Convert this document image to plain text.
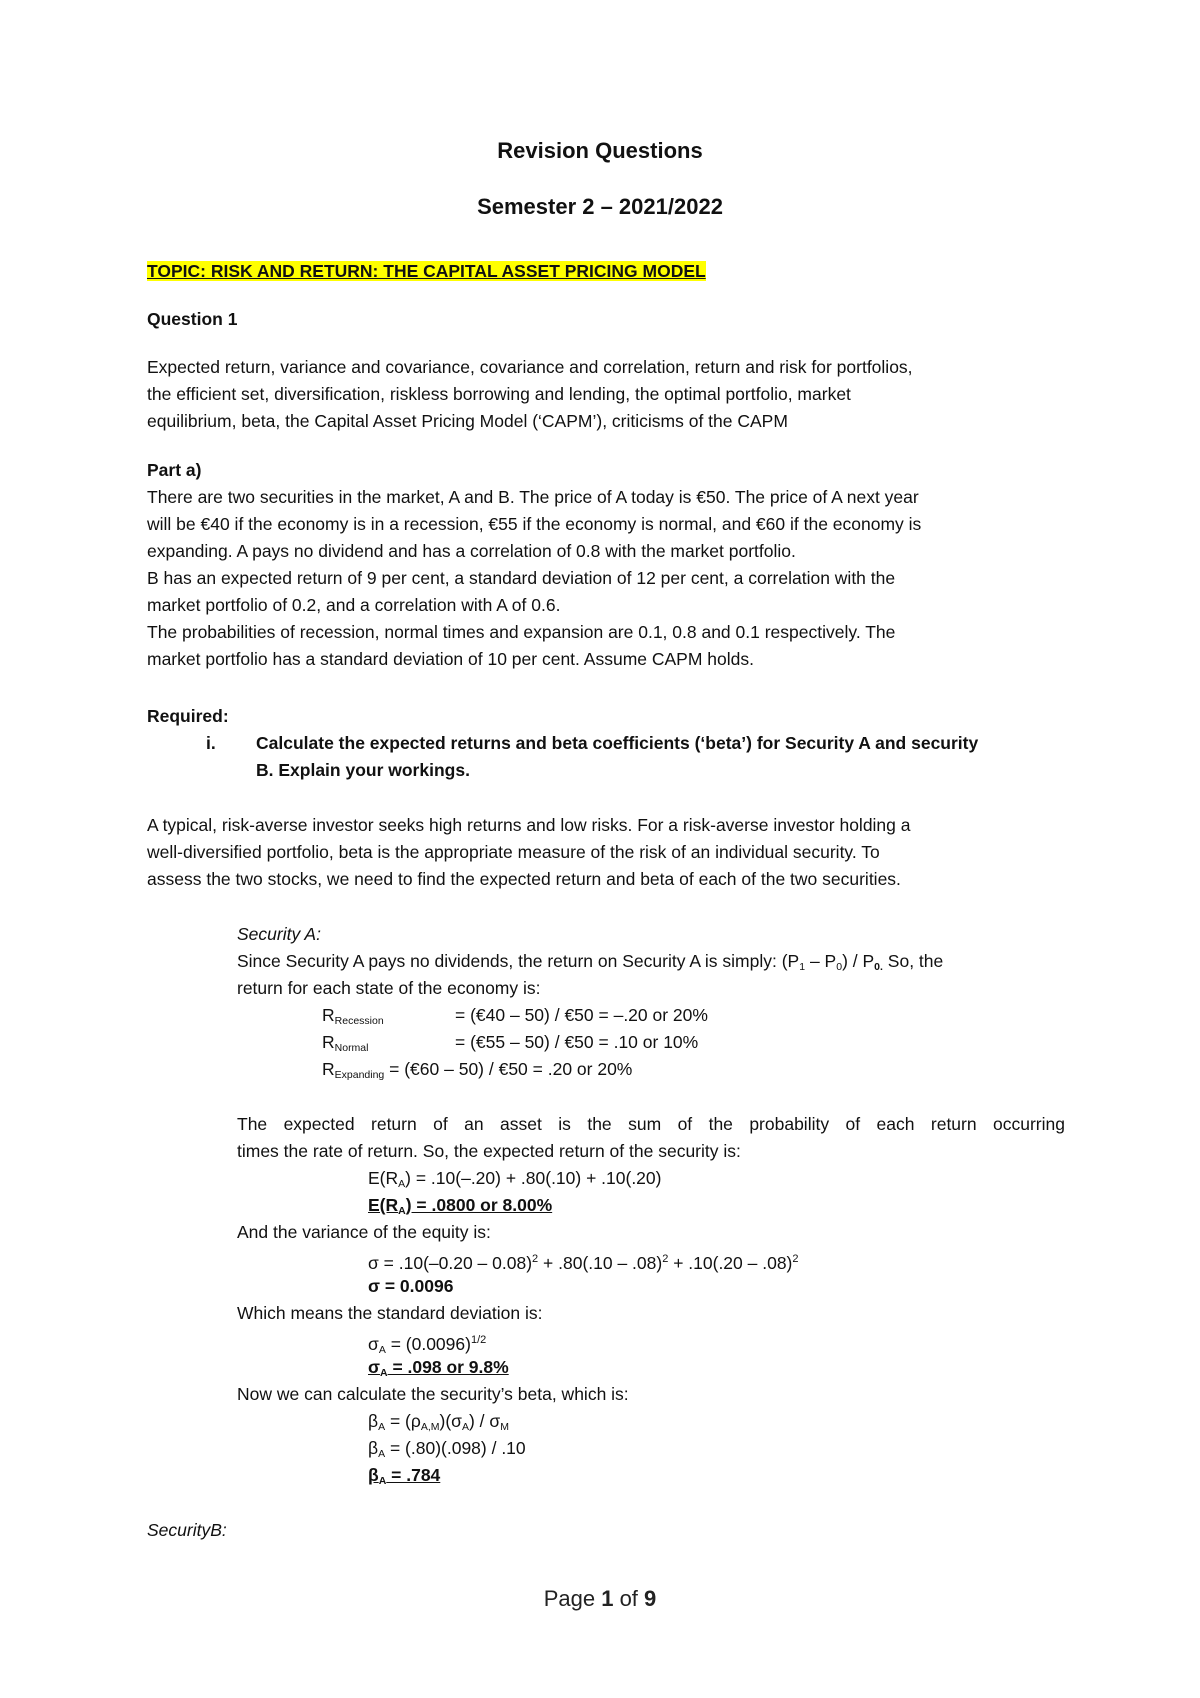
Revision Questions
Semester 2 – 2021/2022
TOPIC: RISK AND RETURN: THE CAPITAL ASSET PRICING MODEL
Question 1
Expected return, variance and covariance, covariance and correlation, return and risk for portfolios,
the efficient set, diversification, riskless borrowing and lending, the optimal portfolio, market
equilibrium, beta, the Capital Asset Pricing Model (‘CAPM’), criticisms of the CAPM
Part a)
There are two securities in the market, A and B. The price of A today is €50. The price of A next year
will be €40 if the economy is in a recession, €55 if the economy is normal, and €60 if the economy is
expanding. A pays no dividend and has a correlation of 0.8 with the market portfolio.
B has an expected return of 9 per cent, a standard deviation of 12 per cent, a correlation with the
market portfolio of 0.2, and a correlation with A of 0.6.
The probabilities of recession, normal times and expansion are 0.1, 0.8 and 0.1 respectively. The
market portfolio has a standard deviation of 10 per cent. Assume CAPM holds.
Required:
i. Calculate the expected returns and beta coefficients (‘beta’) for Security A and security
B. Explain your workings.
A typical, risk-averse investor seeks high returns and low risks. For a risk-averse investor holding a
well-diversified portfolio, beta is the appropriate measure of the risk of an individual security. To
assess the two stocks, we need to find the expected return and beta of each of the two securities.
Security A:
Since Security A pays no dividends, the return on Security A is simply: $(P_1 - P_0) / P_{0.}$ So, the
return for each state of the economy is:
$R_{Recession}$	= (€40 – 50) / €50 = –.20 or 20%
$R_{Normal}$	= (€55 – 50) / €50 = .10 or 10%
$R_{Expanding}$ = (€60 – 50) / €50 = .20 or 20%
The expected return of an asset is the sum of the probability of each return occurring
times the rate of return. So, the expected return of the security is:
$E(R_A) = .10(-.20) + .80(.10) + .10(.20)$
$E(R_A) = .0800$ or 8.00%
And the variance of the equity is:
σ = .10(–0.20 – 0.08)$^2$ + .80(.10 – .08)$^2$ + .10(.20 – .08)$^2$
σ = 0.0096
Which means the standard deviation is:
$\sigma_A = (0.0096)^{1/2}$
$\sigma_A = .098$ or 9.8%
Now we can calculate the security’s beta, which is:
$\beta_A = (\rho_{A,M})(\sigma_A) / \sigma_M$
$\beta_A = (.80)(.098) / .10$
$\beta_A = .784$
SecurityB:
Page 1 of 9
